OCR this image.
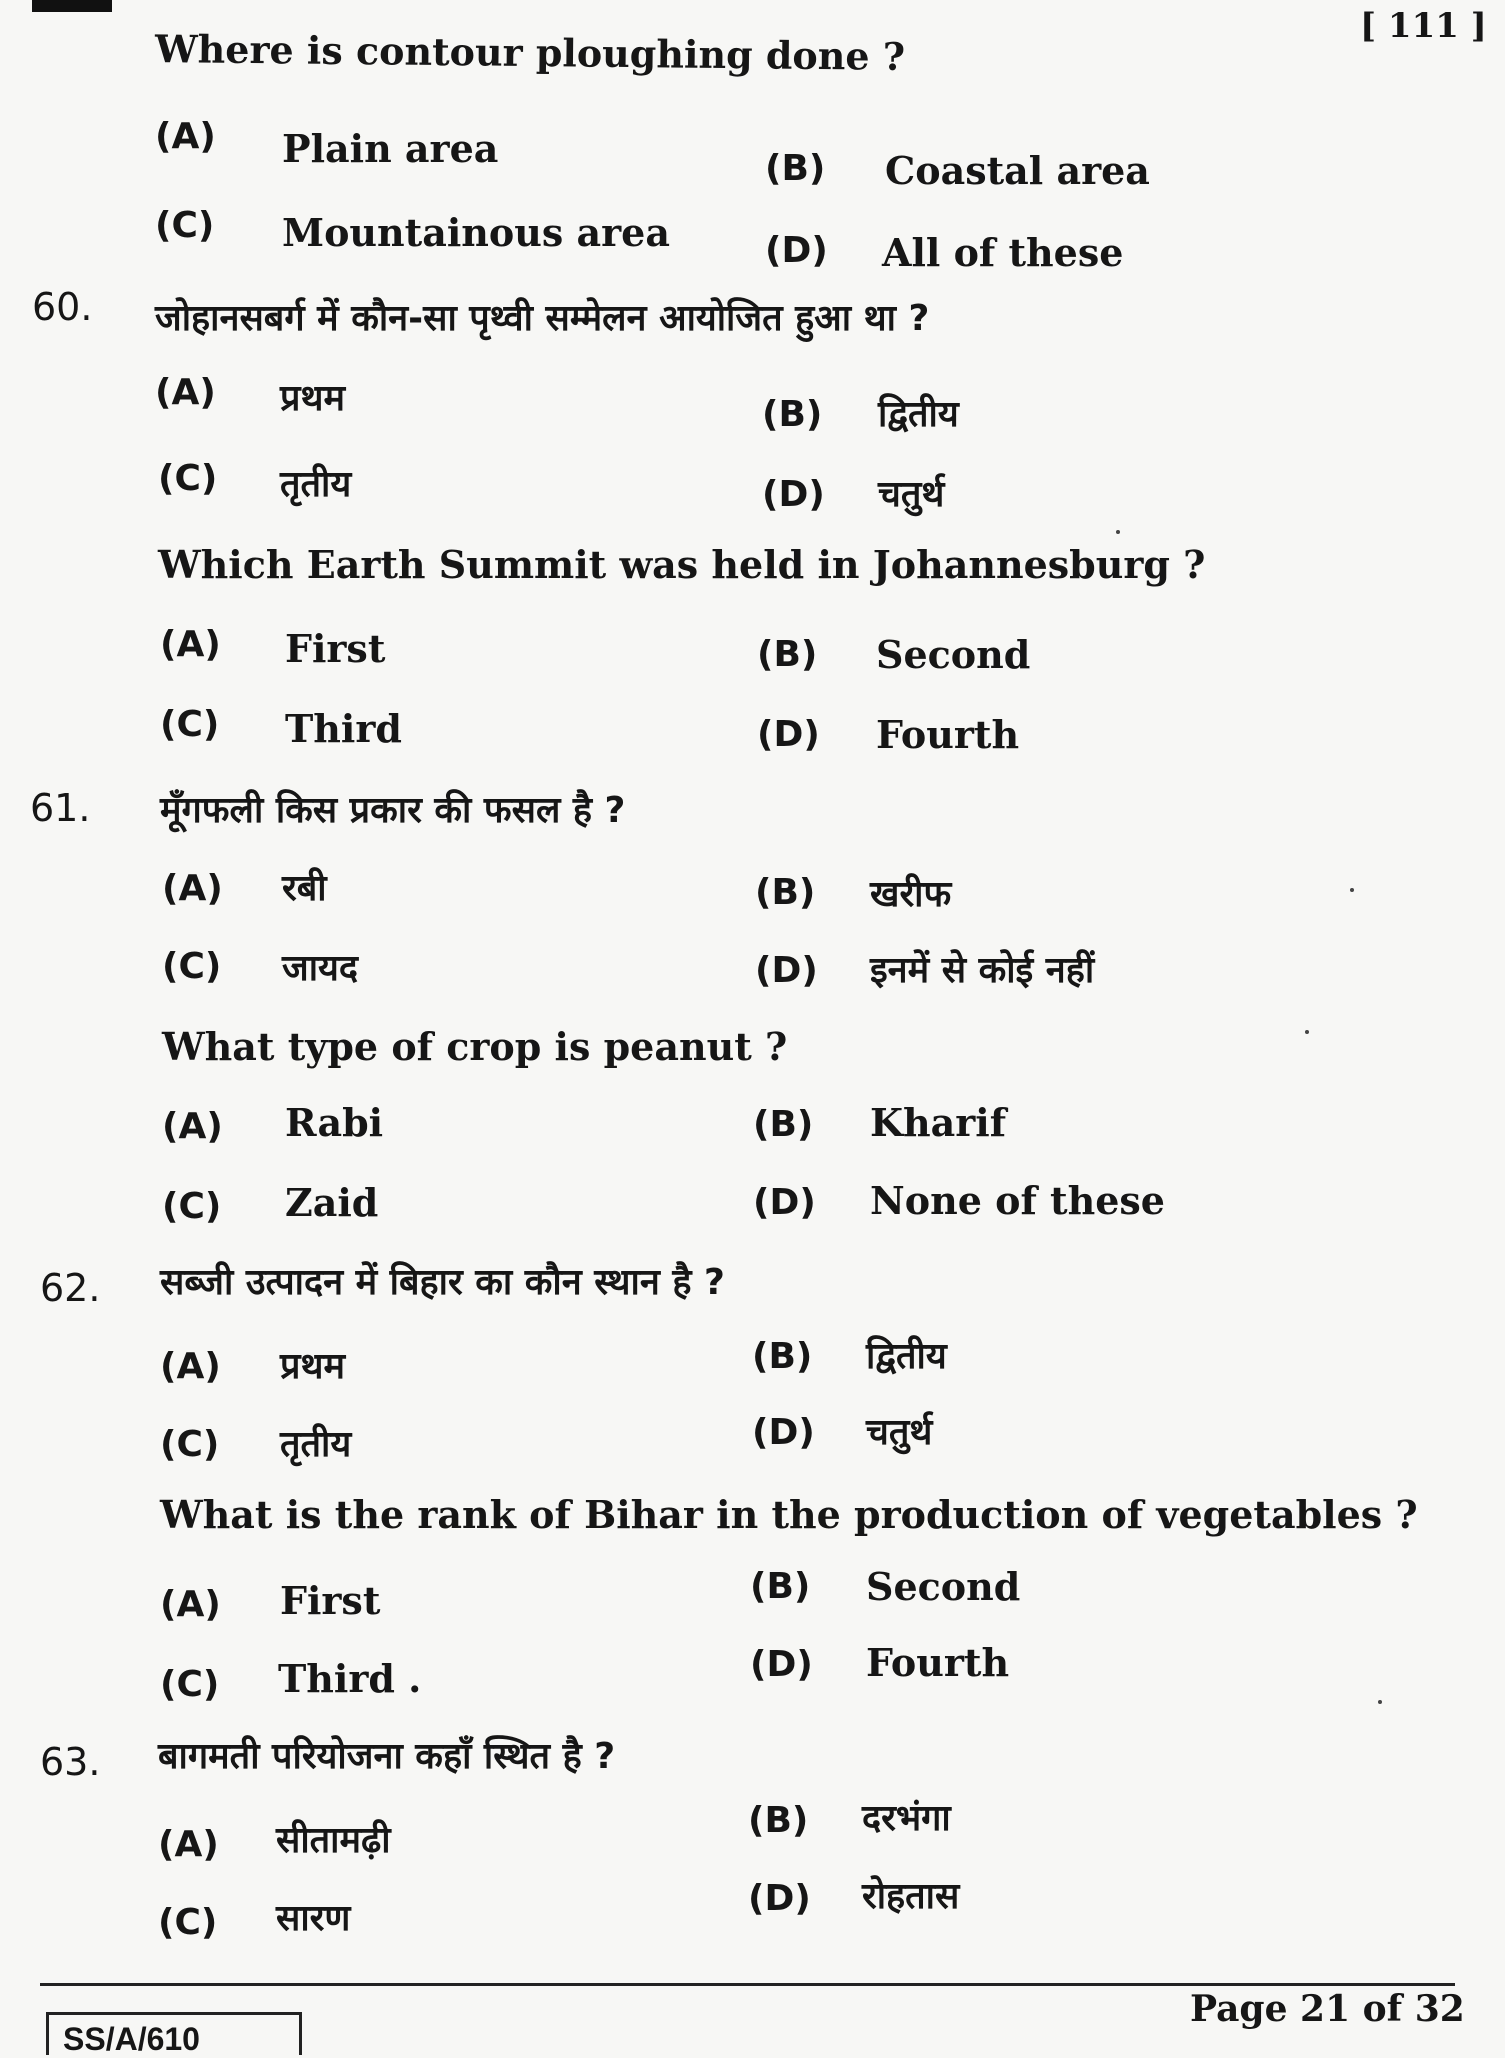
[ 111 ]
Where is contour ploughing done ?
(A) Plain area	(B) Coastal area
(C) Mountainous area	(D) All of these
60. जोहानसबर्ग में कौन-सा पृथ्वी सम्मेलन आयोजित हुआ था ?
(A) प्रथम	(B) द्वितीय
(C) तृतीय	(D) चतुर्थ
Which Earth Summit was held in Johannesburg ?
(A) First	(B) Second
(C) Third	(D) Fourth
61. मूँगफली किस प्रकार की फसल है ?
(A) रबी	(B) खरीफ
(C) जायद	(D) इनमें से कोई नहीं
What type of crop is peanut ?
(A) Rabi	(B) Kharif
(C) Zaid	(D) None of these
62. सब्जी उत्पादन में बिहार का कौन स्थान है ?
(A) प्रथम	(B) द्वितीय
(C) तृतीय	(D) चतुर्थ
What is the rank of Bihar in the production of vegetables ?
(A) First	(B) Second
(C) Third .	(D) Fourth
63. बागमती परियोजना कहाँ स्थित है ?
(A) सीतामढ़ी	(B) दरभंगा
(C) सारण	(D) रोहतास
SS/A/610
Page 21 of 32
